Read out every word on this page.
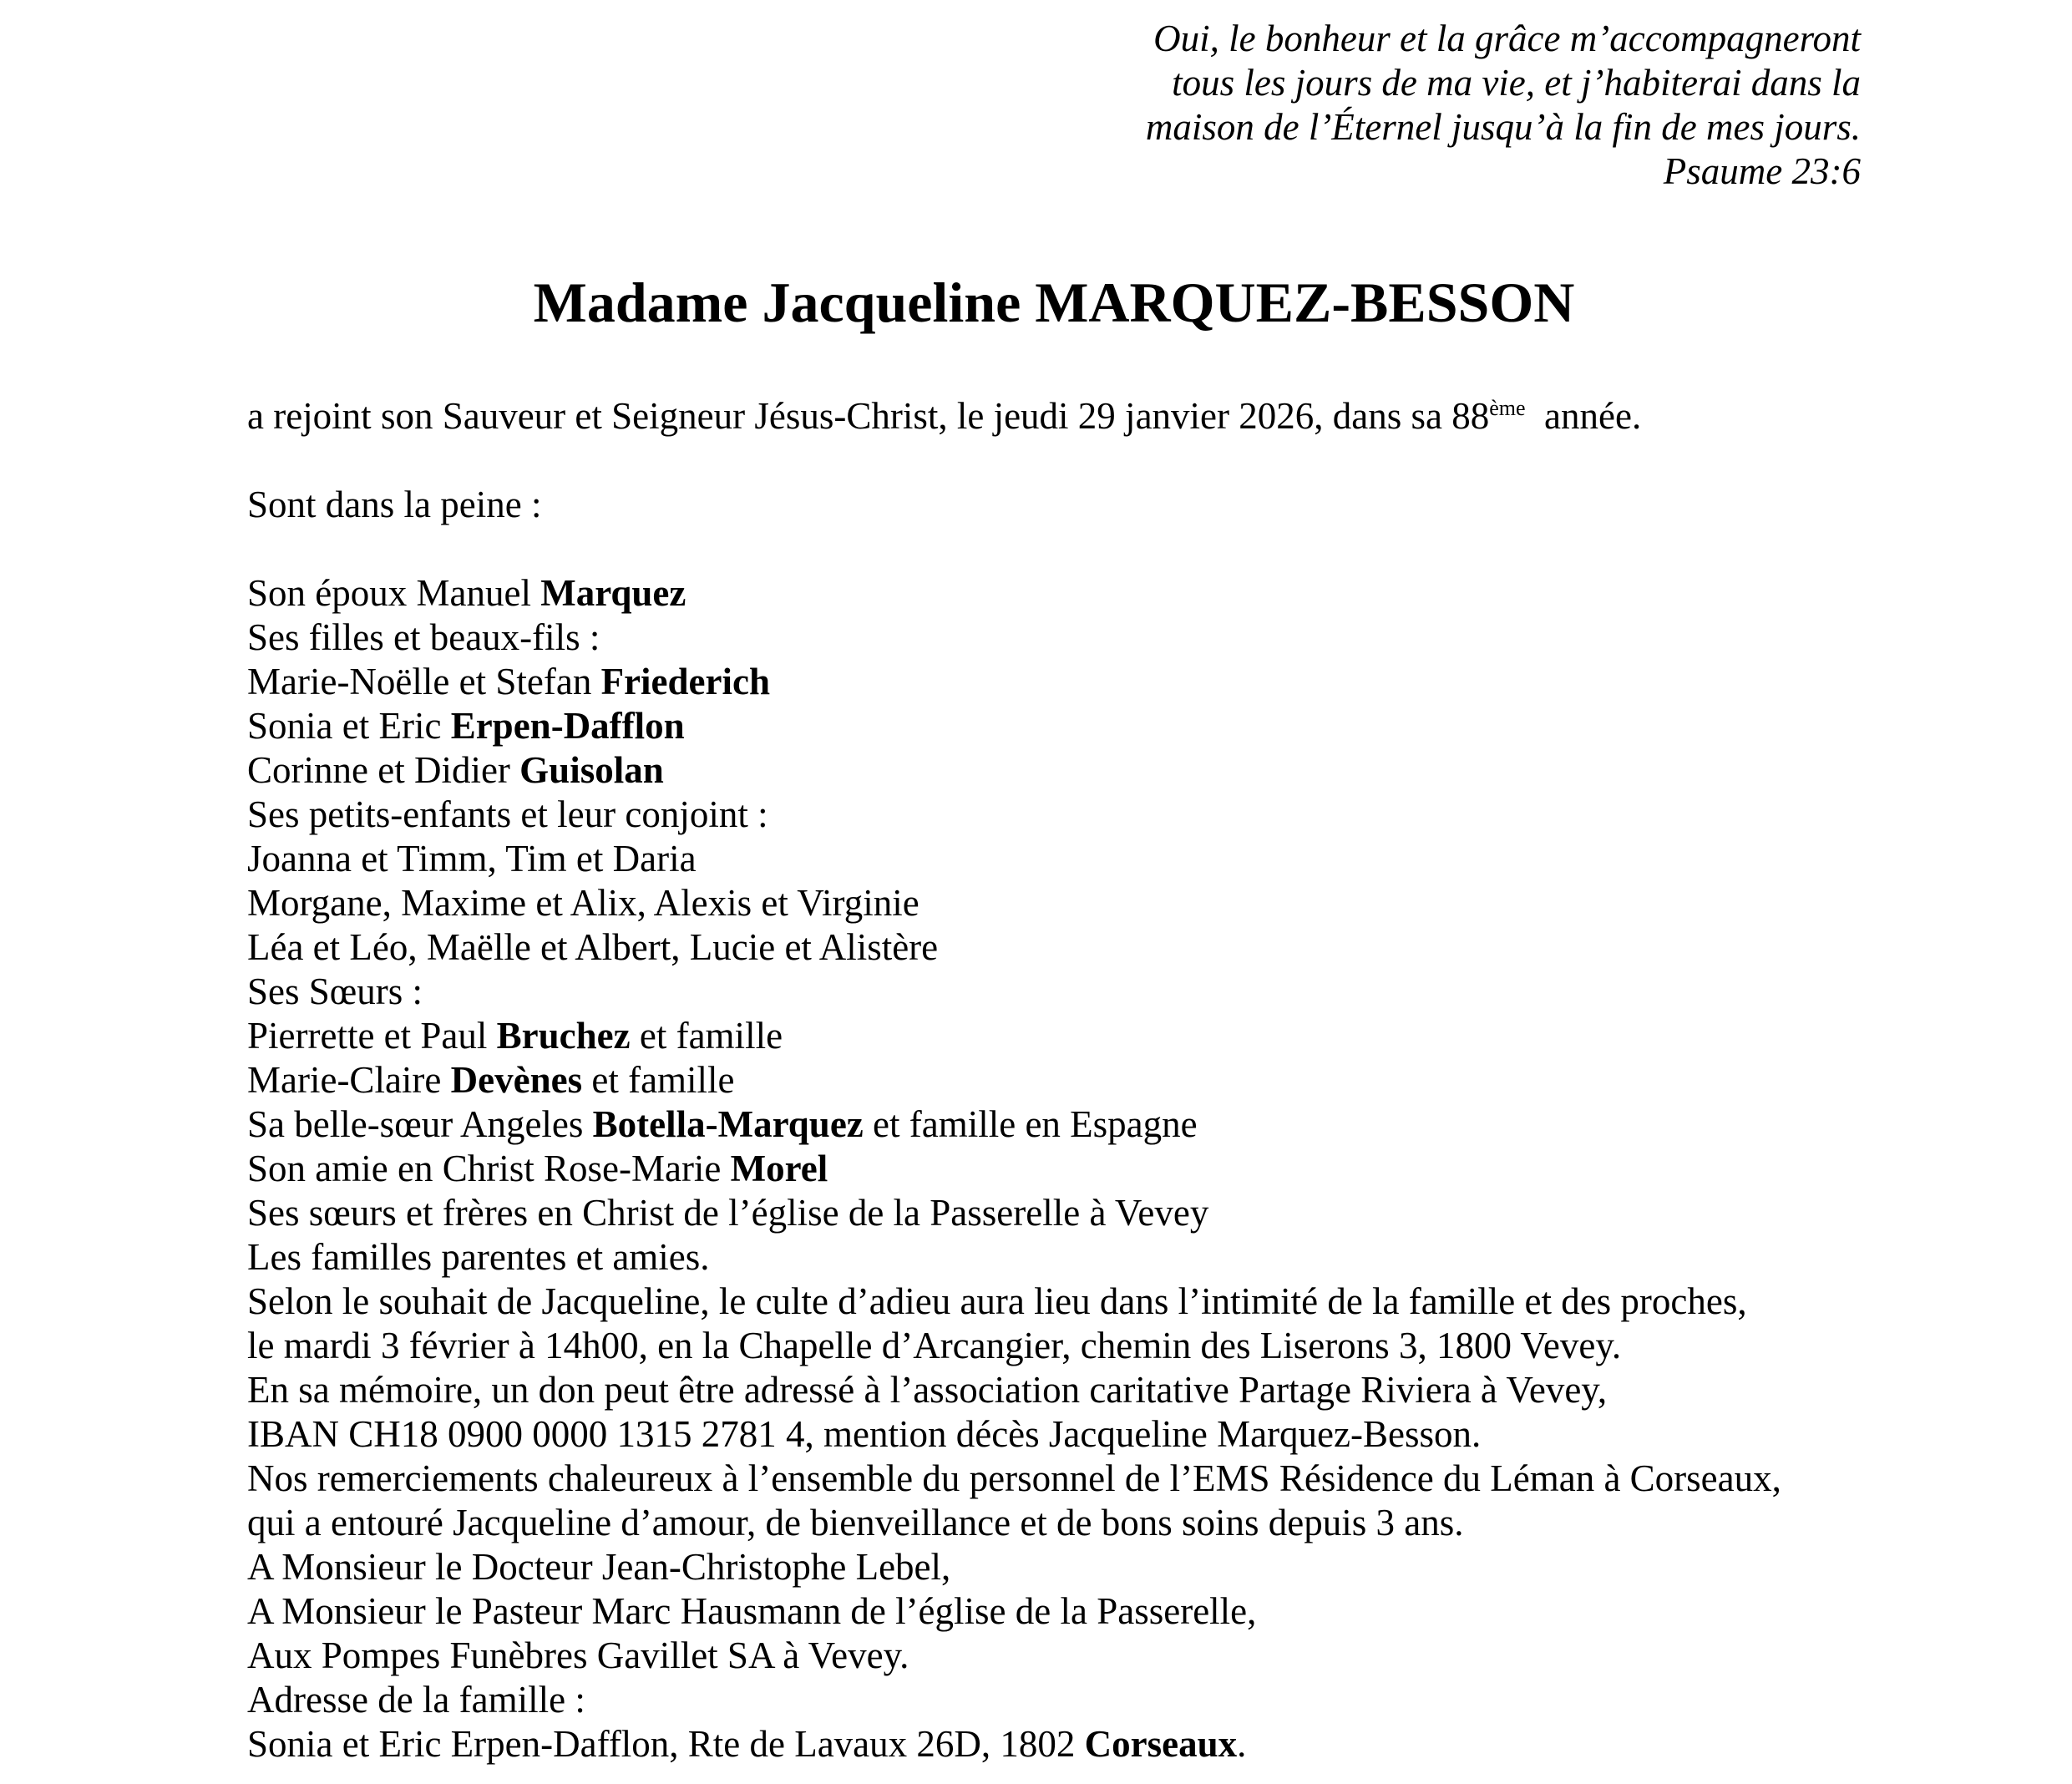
Oui, le bonheur et la grâce m’accompagneront
tous les jours de ma vie, et j’habiterai dans la
maison de l’Éternel jusqu’à la fin de mes jours.
Psaume 23:6
Madame Jacqueline MARQUEZ-BESSON

a rejoint son Sauveur et Seigneur Jésus-Christ, le jeudi 29 janvier 2026, dans sa 88ème  année.

Sont dans la peine :

Son époux Manuel Marquez
Ses filles et beaux-fils :
Marie-Noëlle et Stefan Friederich
Sonia et Eric Erpen-Dafflon
Corinne et Didier Guisolan
Ses petits-enfants et leur conjoint :
Joanna et Timm, Tim et Daria
Morgane, Maxime et Alix, Alexis et Virginie
Léa et Léo, Maëlle et Albert, Lucie et Alistère
Ses Sœurs :
Pierrette et Paul Bruchez et famille
Marie-Claire Devènes et famille
Sa belle-sœur Angeles Botella-Marquez et famille en Espagne
Son amie en Christ Rose-Marie Morel
Ses sœurs et frères en Christ de l’église de la Passerelle à Vevey
Les familles parentes et amies.
Selon le souhait de Jacqueline, le culte d’adieu aura lieu dans l’intimité de la famille et des proches,
le mardi 3 février à 14h00, en la Chapelle d’Arcangier, chemin des Liserons 3, 1800 Vevey.
En sa mémoire, un don peut être adressé à l’association caritative Partage Riviera à Vevey,
IBAN CH18 0900 0000 1315 2781 4, mention décès Jacqueline Marquez-Besson.
Nos remerciements chaleureux à l’ensemble du personnel de l’EMS Résidence du Léman à Corseaux,
qui a entouré Jacqueline d’amour, de bienveillance et de bons soins depuis 3 ans.
A Monsieur le Docteur Jean-Christophe Lebel,
A Monsieur le Pasteur Marc Hausmann de l’église de la Passerelle,
Aux Pompes Funèbres Gavillet SA à Vevey.
Adresse de la famille :
Sonia et Eric Erpen-Dafflon, Rte de Lavaux 26D, 1802 Corseaux.
